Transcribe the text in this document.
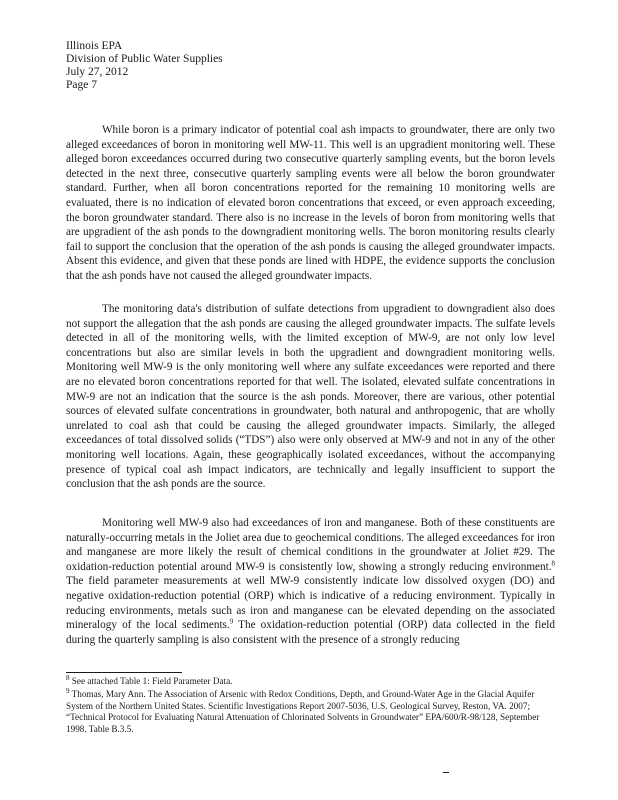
Illinois EPA
Division of Public Water Supplies
July 27, 2012
Page 7

While boron is a primary indicator of potential coal ash impacts to groundwater, there are only two alleged exceedances of boron in monitoring well MW-11. This well is an upgradient monitoring well. These alleged boron exceedances occurred during two consecutive quarterly sampling events, but the boron levels detected in the next three, consecutive quarterly sampling events were all below the boron groundwater standard. Further, when all boron concentrations reported for the remaining 10 monitoring wells are evaluated, there is no indication of elevated boron concentrations that exceed, or even approach exceeding, the boron groundwater standard. There also is no increase in the levels of boron from monitoring wells that are upgradient of the ash ponds to the downgradient monitoring wells. The boron monitoring results clearly fail to support the conclusion that the operation of the ash ponds is causing the alleged groundwater impacts. Absent this evidence, and given that these ponds are lined with HDPE, the evidence supports the conclusion that the ash ponds have not caused the alleged groundwater impacts.

The monitoring data's distribution of sulfate detections from upgradient to downgradient also does not support the allegation that the ash ponds are causing the alleged groundwater impacts. The sulfate levels detected in all of the monitoring wells, with the limited exception of MW-9, are not only low level concentrations but also are similar levels in both the upgradient and downgradient monitoring wells. Monitoring well MW-9 is the only monitoring well where any sulfate exceedances were reported and there are no elevated boron concentrations reported for that well. The isolated, elevated sulfate concentrations in MW-9 are not an indication that the source is the ash ponds. Moreover, there are various, other potential sources of elevated sulfate concentrations in groundwater, both natural and anthropogenic, that are wholly unrelated to coal ash that could be causing the alleged groundwater impacts. Similarly, the alleged exceedances of total dissolved solids (“TDS”) also were only observed at MW-9 and not in any of the other monitoring well locations. Again, these geographically isolated exceedances, without the accompanying presence of typical coal ash impact indicators, are technically and legally insufficient to support the conclusion that the ash ponds are the source.

Monitoring well MW-9 also had exceedances of iron and manganese. Both of these constituents are naturally-occurring metals in the Joliet area due to geochemical conditions. The alleged exceedances for iron and manganese are more likely the result of chemical conditions in the groundwater at Joliet #29. The oxidation-reduction potential around MW-9 is consistently low, showing a strongly reducing environment.$^8$ The field parameter measurements at well MW-9 consistently indicate low dissolved oxygen (DO) and negative oxidation-reduction potential (ORP) which is indicative of a reducing environment. Typically in reducing environments, metals such as iron and manganese can be elevated depending on the associated mineralogy of the local sediments.$^9$ The oxidation-reduction potential (ORP) data collected in the field during the quarterly sampling is also consistent with the presence of a strongly reducing

$^8$ See attached Table 1: Field Parameter Data.

$^9$ Thomas, Mary Ann. The Association of Arsenic with Redox Conditions, Depth, and Ground-Water Age in the Glacial Aquifer System of the Northern United States. Scientific Investigations Report 2007-5036, U.S. Geological Survey, Reston, VA. 2007; “Technical Protocol for Evaluating Natural Attenuation of Chlorinated Solvents in Groundwater” EPA/600/R-98/128, September 1998. Table B.3.5.
